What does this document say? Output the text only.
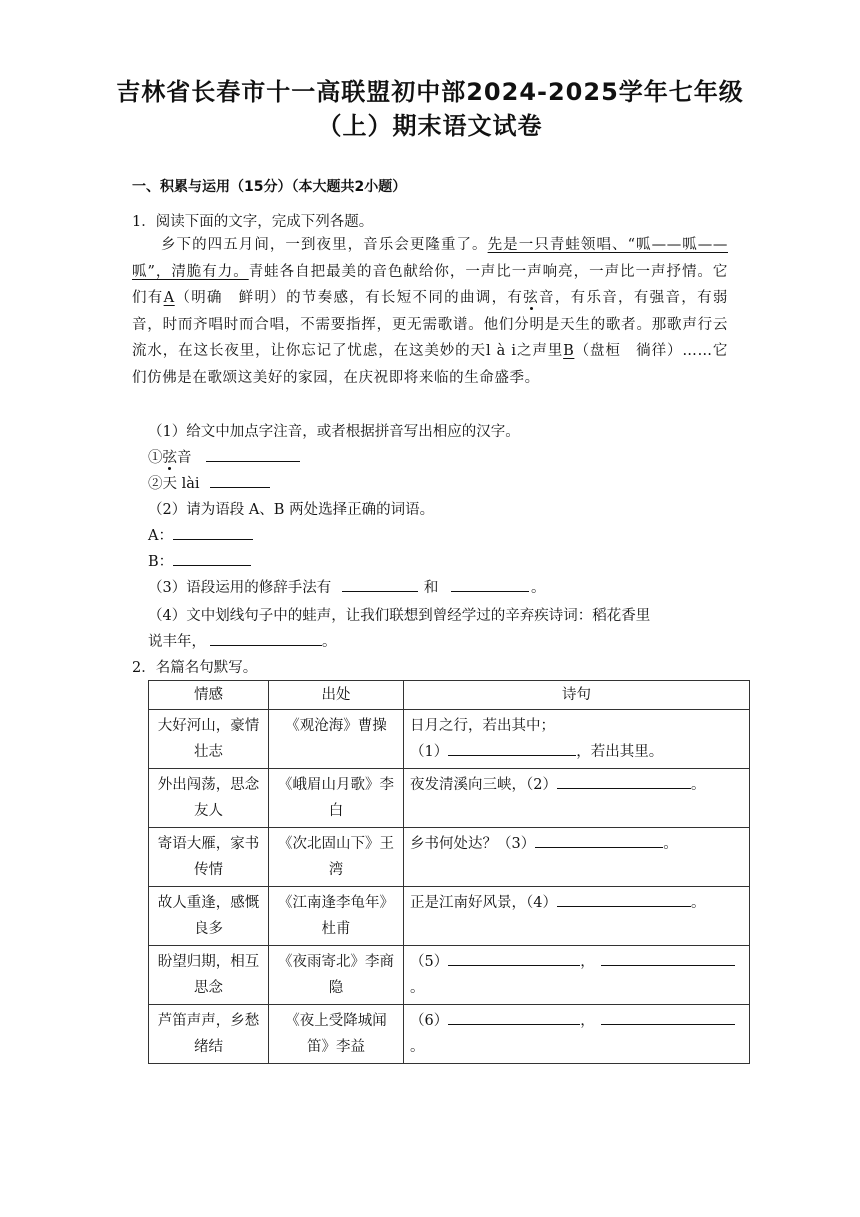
吉林省长春市十一高联盟初中部2024-2025学年七年级
（上）期末语文试卷
一、积累与运用（15分）（本大题共2小题）
1．阅读下面的文字，完成下列各题。
乡下的四五月间，一到夜里，音乐会更隆重了。先是一只青蛙领唱、“呱——呱——呱”，清脆有力。青蛙各自把最美的音色献给你，一声比一声响亮，一声比一声抒情。它们有A（明确　鲜明）的节奏感，有长短不同的曲调，有弦音，有乐音，有强音，有弱音，时而齐唱时而合唱，不需要指挥，更无需歌谱。他们分明是天生的歌者。那歌声行云流水，在这长夜里，让你忘记了忧虑，在这美妙的天l à i之声里B（盘桓　徜徉）……它们仿佛是在歌颂这美好的家园，在庆祝即将来临的生命盛季。
（1）给文中加点字注音，或者根据拼音写出相应的汉字。
①弦音
②天 lài
（2）请为语段 A、B 两处选择正确的词语。
A：
B：
（3）语段运用的修辞手法有	和	。
（4）文中划线句子中的蛙声，让我们联想到曾经学过的辛弃疾诗词：稻花香里
说丰年，	。
2．名篇名句默写。
情感	出处	诗句
大好河山，豪情壮志	《观沧海》曹操	日月之行，若出其中；
（1） ，若出其里。

外出闯荡，思念友人	《峨眉山月歌》李白	夜发清溪向三峡，（2） 。
寄语大雁，家书传情	《次北固山下》王湾	乡书何处达？（3） 。
故人重逢，感慨良多	《江南逢李龟年》杜甫	正是江南好风景，（4） 。
盼望归期，相互思念	《夜雨寄北》李商隐	（5） ，。
芦笛声声，乡愁绪结	《夜上受降城闻笛》李益	（6） ，。
